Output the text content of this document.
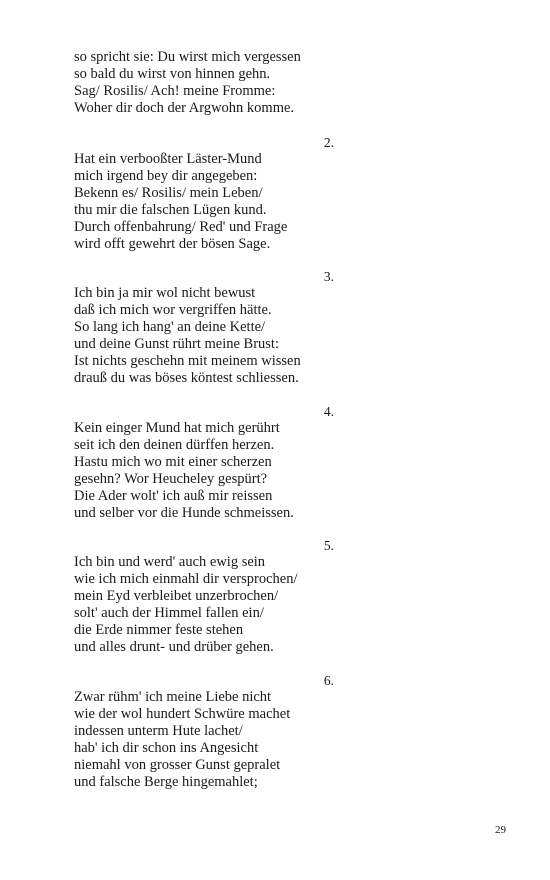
so spricht sie: Du wirst mich vergessen
so bald du wirst von hinnen gehn.
Sag/ Rosilis/ Ach! meine Fromme:
Woher dir doch der Argwohn komme.
2.
Hat ein verbooßter Läster-Mund
mich irgend bey dir angegeben:
Bekenn es/ Rosilis/ mein Leben/
thu mir die falschen Lügen kund.
Durch offenbahrung/ Red' und Frage
wird offt gewehrt der bösen Sage.
3.
Ich bin ja mir wol nicht bewust
daß ich mich wor vergriffen hätte.
So lang ich hang' an deine Kette/
und deine Gunst rührt meine Brust:
Ist nichts geschehn mit meinem wissen
drauß du was böses köntest schliessen.
4.
Kein einger Mund hat mich gerührt
seit ich den deinen dürffen herzen.
Hastu mich wo mit einer scherzen
gesehn? Wor Heucheley gespürt?
Die Ader wolt' ich auß mir reissen
und selber vor die Hunde schmeissen.
5.
Ich bin und werd' auch ewig sein
wie ich mich einmahl dir versprochen/
mein Eyd verbleibet unzerbrochen/
solt' auch der Himmel fallen ein/
die Erde nimmer feste stehen
und alles drunt- und drüber gehen.
6.
Zwar rühm' ich meine Liebe nicht
wie der wol hundert Schwüre machet
indessen unterm Hute lachet/
hab' ich dir schon ins Angesicht
niemahl von grosser Gunst gepralet
und falsche Berge hingemahlet;
29
